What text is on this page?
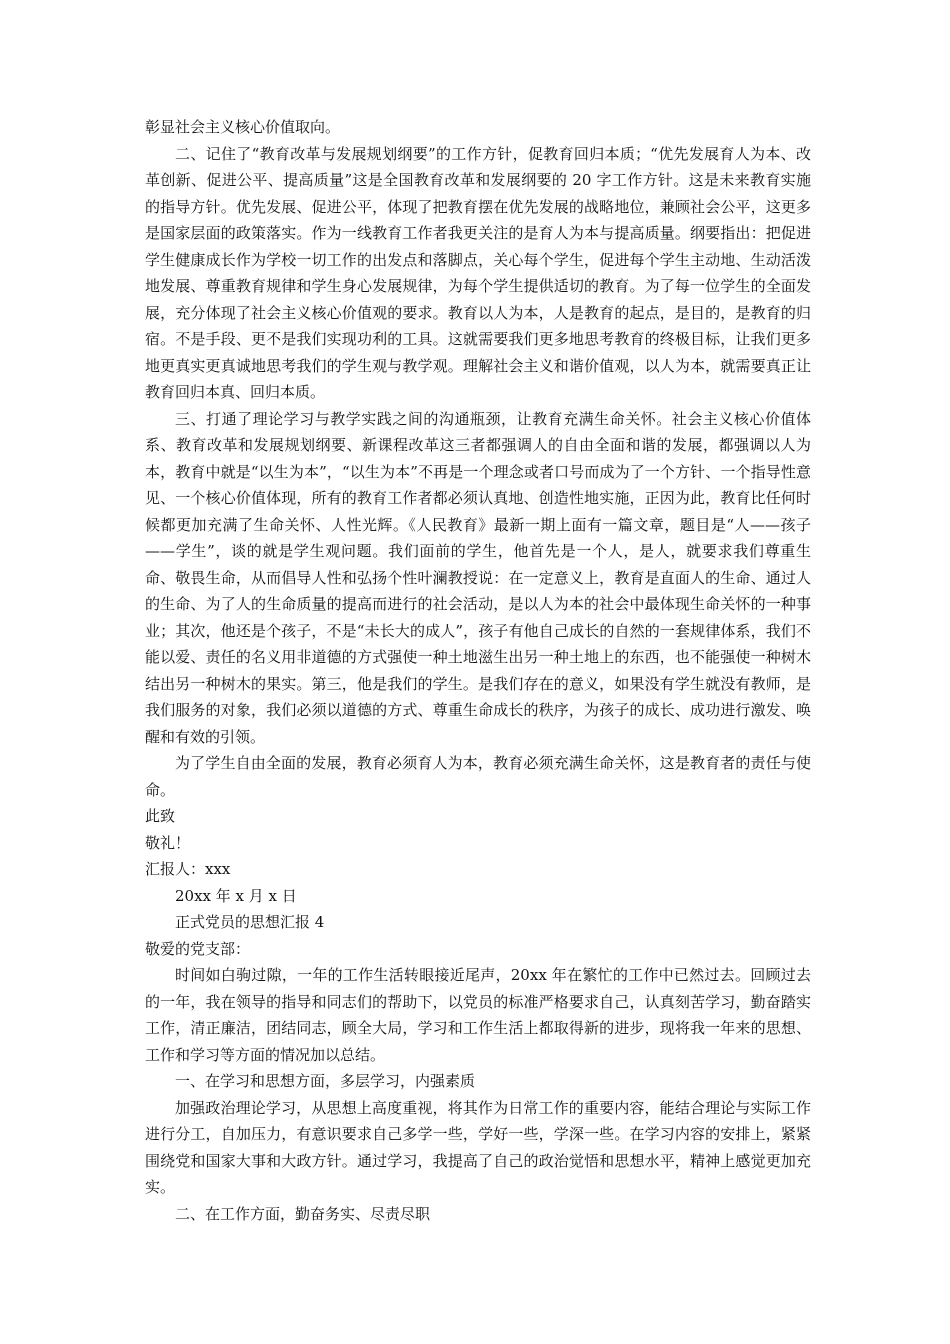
彰显社会主义核心价值取向。

二、记住了“教育改革与发展规划纲要”的工作方针，促教育回归本质；“优先发展育人为本、改革创新、促进公平、提高质量”这是全国教育改革和发展纲要的 20 字工作方针。这是未来教育实施的指导方针。优先发展、促进公平，体现了把教育摆在优先发展的战略地位，兼顾社会公平，这更多是国家层面的政策落实。作为一线教育工作者我更关注的是育人为本与提高质量。纲要指出：把促进学生健康成长作为学校一切工作的出发点和落脚点，关心每个学生，促进每个学生主动地、生动活泼地发展、尊重教育规律和学生身心发展规律，为每个学生提供适切的教育。为了每一位学生的全面发展，充分体现了社会主义核心价值观的要求。教育以人为本，人是教育的起点，是目的，是教育的归宿。不是手段、更不是我们实现功利的工具。这就需要我们更多地思考教育的终极目标，让我们更多地更真实更真诚地思考我们的学生观与教学观。理解社会主义和谐价值观，以人为本，就需要真正让教育回归本真、回归本质。

三、打通了理论学习与教学实践之间的沟通瓶颈，让教育充满生命关怀。社会主义核心价值体系、教育改革和发展规划纲要、新课程改革这三者都强调人的自由全面和谐的发展，都强调以人为本，教育中就是“以生为本”，“以生为本”不再是一个理念或者口号而成为了一个方针、一个指导性意见、一个核心价值体现，所有的教育工作者都必须认真地、创造性地实施，正因为此，教育比任何时候都更加充满了生命关怀、人性光辉。《人民教育》最新一期上面有一篇文章，题目是“人——孩子——学生”，谈的就是学生观问题。我们面前的学生，他首先是一个人，是人，就要求我们尊重生命、敬畏生命，从而倡导人性和弘扬个性叶澜教授说：在一定意义上，教育是直面人的生命、通过人的生命、为了人的生命质量的提高而进行的社会活动，是以人为本的社会中最体现生命关怀的一种事业；其次，他还是个孩子，不是“未长大的成人”，孩子有他自己成长的自然的一套规律体系，我们不能以爱、责任的名义用非道德的方式强使一种土地滋生出另一种土地上的东西，也不能强使一种树木结出另一种树木的果实。第三，他是我们的学生。是我们存在的意义，如果没有学生就没有教师，是我们服务的对象，我们必须以道德的方式、尊重生命成长的秩序，为孩子的成长、成功进行激发、唤醒和有效的引领。

为了学生自由全面的发展，教育必须育人为本，教育必须充满生命关怀，这是教育者的责任与使命。

此致

敬礼！

汇报人：xxx

20xx 年 x 月 x 日

正式党员的思想汇报 4

敬爱的党支部：

时间如白驹过隙，一年的工作生活转眼接近尾声，20xx 年在繁忙的工作中已然过去。回顾过去的一年，我在领导的指导和同志们的帮助下，以党员的标准严格要求自己，认真刻苦学习，勤奋踏实工作，清正廉洁，团结同志，顾全大局，学习和工作生活上都取得新的进步，现将我一年来的思想、工作和学习等方面的情况加以总结。

一、在学习和思想方面，多层学习，内强素质

加强政治理论学习，从思想上高度重视，将其作为日常工作的重要内容，能结合理论与实际工作进行分工，自加压力，有意识要求自己多学一些，学好一些，学深一些。在学习内容的安排上，紧紧围绕党和国家大事和大政方针。通过学习，我提高了自己的政治觉悟和思想水平，精神上感觉更加充实。

二、在工作方面，勤奋务实、尽责尽职
